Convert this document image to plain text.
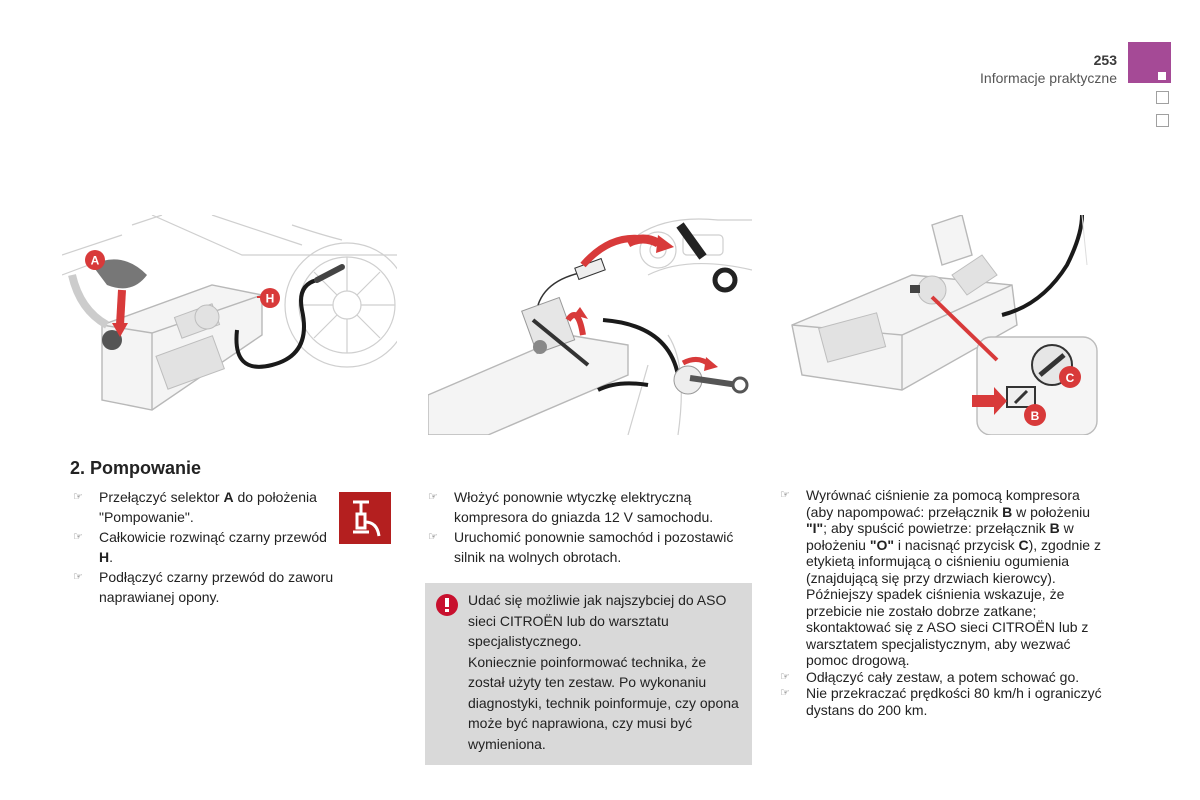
253
Informacje praktyczne
A
H
C
B
2. Pompowanie
☞ Przełączyć selektor A do położenia "Pompowanie".
☞ Całkowicie rozwinąć czarny przewód H.
☞ Podłączyć czarny przewód do zaworu naprawianej opony.
☞ Włożyć ponownie wtyczkę elektryczną kompresora do gniazda 12 V samochodu.
☞ Uruchomić ponownie samochód i pozostawić silnik na wolnych obrotach.
Udać się możliwie jak najszybciej do ASO sieci CITROËN lub do warsztatu specjalistycznego.
Koniecznie poinformować technika, że został użyty ten zestaw. Po wykonaniu diagnostyki, technik poinformuje, czy opona może być naprawiona, czy musi być wymieniona.
☞ Wyrównać ciśnienie za pomocą kompresora (aby napompować: przełącznik B w położeniu "I"; aby spuścić powietrze: przełącznik B w położeniu "O" i nacisnąć przycisk C), zgodnie z etykietą informującą o ciśnieniu ogumienia (znajdującą się przy drzwiach kierowcy).
Późniejszy spadek ciśnienia wskazuje, że przebicie nie zostało dobrze zatkane; skontaktować się z ASO sieci CITROËN lub z warsztatem specjalistycznym, aby wezwać pomoc drogową.
☞ Odłączyć cały zestaw, a potem schować go.
☞ Nie przekraczać prędkości 80 km/h i ograniczyć dystans do 200 km.
